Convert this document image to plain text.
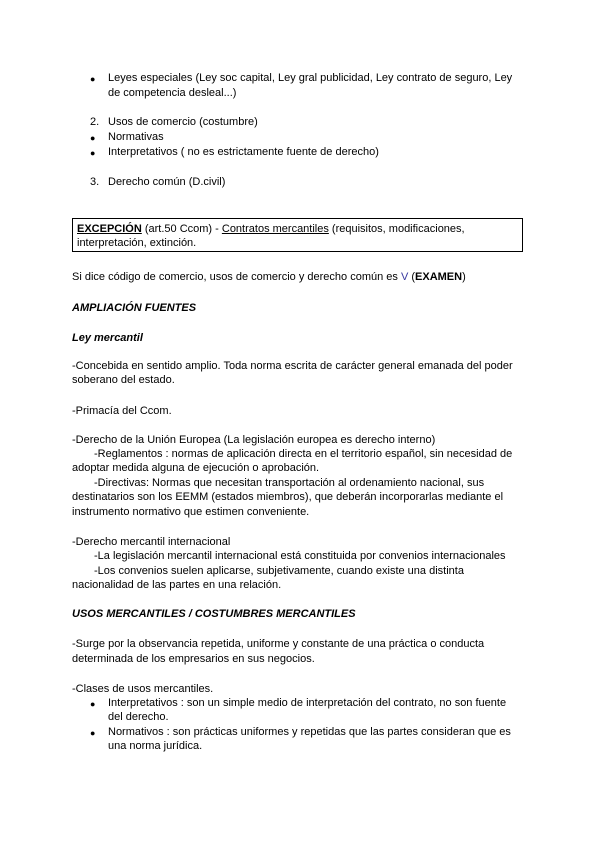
● Leyes especiales (Ley soc capital, Ley gral publicidad, Ley contrato de seguro, Ley
de competencia desleal...)
2. Usos de comercio (costumbre)
● Normativas
● Interpretativos ( no es estrictamente fuente de derecho)
3. Derecho común (D.civil)
EXCEPCIÓN (art.50 Ccom) - Contratos mercantiles (requisitos, modificaciones,
interpretación, extinción.
Si dice código de comercio, usos de comercio y derecho común es V (EXAMEN)
AMPLIACIÓN FUENTES
Ley mercantil
-Concebida en sentido amplio. Toda norma escrita de carácter general emanada del poder
soberano del estado.
-Primacía del Ccom.
-Derecho de la Unión Europea (La legislación europea es derecho interno)
-Reglamentos : normas de aplicación directa en el territorio español, sin necesidad de
adoptar medida alguna de ejecución o aprobación.
-Directivas: Normas que necesitan transportación al ordenamiento nacional, sus
destinatarios son los EEMM (estados miembros), que deberán incorporarlas mediante el
instrumento normativo que estimen conveniente.
-Derecho mercantil internacional
-La legislación mercantil internacional está constituida por convenios internacionales
-Los convenios suelen aplicarse, subjetivamente, cuando existe una distinta
nacionalidad de las partes en una relación.
USOS MERCANTILES / COSTUMBRES MERCANTILES
-Surge por la observancia repetida, uniforme y constante de una práctica o conducta
determinada de los empresarios en sus negocios.
-Clases de usos mercantiles.
● Interpretativos : son un simple medio de interpretación del contrato, no son fuente
del derecho.
● Normativos : son prácticas uniformes y repetidas que las partes consideran que es
una norma jurídica.
